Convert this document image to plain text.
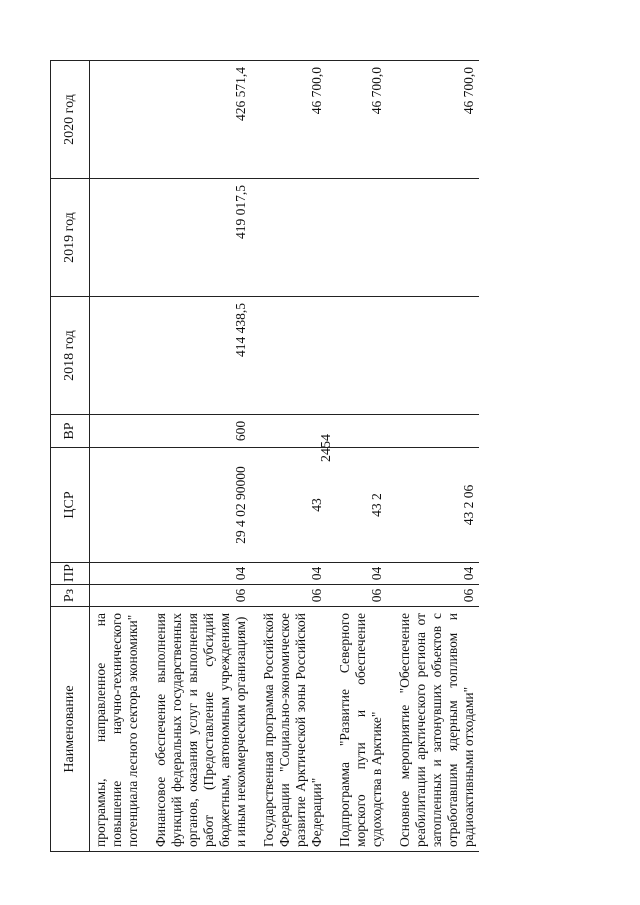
2454
Наименование	Рз	ПР	ЦСР	ВР	2018 год	2019 год	2020 год
программы, направленное на повышение научно-технического потенциала лесного сектора экономики"							
Финансовое обеспечение выполнения функций федеральных государственных органов, оказания услуг и выполнения работ (Предоставление субсидий бюджетным, автономным учреждениям и иным некоммерческим организациям)	06	04	29 4 02 90000	600	414 438,5	419 017,5	426 571,4
Государственная программа Российской Федерации "Социально-экономическое развитие Арктической зоны Российской Федерации"	06	04	43				46 700,0
Подпрограмма "Развитие Северного морского пути и обеспечение судоходства в Арктике"	06	04	43 2				46 700,0
Основное мероприятие "Обеспечение реабилитации арктического региона от затопленных и затонувших объектов с отработавшим ядерным топливом и радиоактивными отходами"	06	04	43 2 06				46 700,0
